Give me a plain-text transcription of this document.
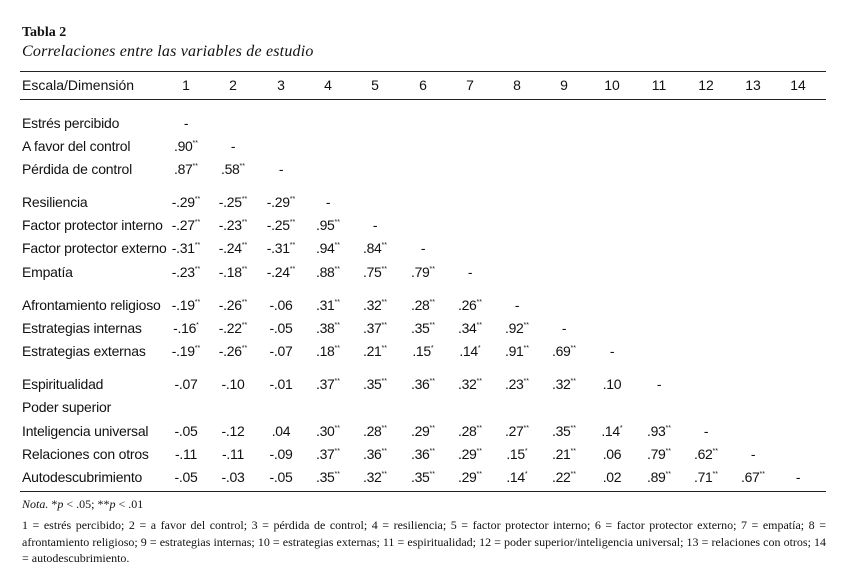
Tabla 2
Correlaciones entre las variables de estudio
Escala/Dimensión	1	2	3	4	5	6	7	8	9	10	11	12	13	14
Estrés percibido	-
A favor del control	.90**	-
Pérdida de control	.87**	.58**	-
Resiliencia	-.29**	-.25**	-.29**	-
Factor protector interno -.27**	-.23**	-.25**	.95**	-
Factor protector externo -.31**	-.24**	-.31**	.94**	.84**	-
Empatía	-.23**	-.18**	-.24**	.88**	.75**	.79**	-
Afrontamiento religioso -.19**	-.26**	-.06	.31**	.32**	.28**	.26**	-
Estrategias internas	-.16*	-.22**	-.05	.38**	.37**	.35**	.34**	.92**	-
Estrategias externas	-.19**	-.26**	-.07	.18**	.21**	.15*	.14*	.91**	.69**	-
Espiritualidad	-.07	-.10	-.01	.37**	.35**	.36**	.32**	.23**	.32**	.10	-
Poder superior
Inteligencia universal	-.05	-.12	.04	.30**	.28**	.29**	.28**	.27**	.35**	.14*	.93**	-
Relaciones con otros	-.11	-.11	-.09	.37**	.36**	.36**	.29**	.15*	.21**	.06	.79**	.62**	-
Autodescubrimiento	-.05	-.03	-.05	.35**	.32**	.35**	.29**	.14*	.22**	.02	.89**	.71**	.67**	-
Nota. *p < .05; **p < .01
1 = estrés percibido; 2 = a favor del control; 3 = pérdida de control; 4 = resiliencia; 5 = factor protector interno; 6 = factor protector externo; 7 = empatía; 8 = afrontamiento religioso; 9 = estrategias internas; 10 = estrategias externas; 11 = espiritualidad; 12 = poder superior/inteligencia universal; 13 = relaciones con otros; 14 = autodescubrimiento.
